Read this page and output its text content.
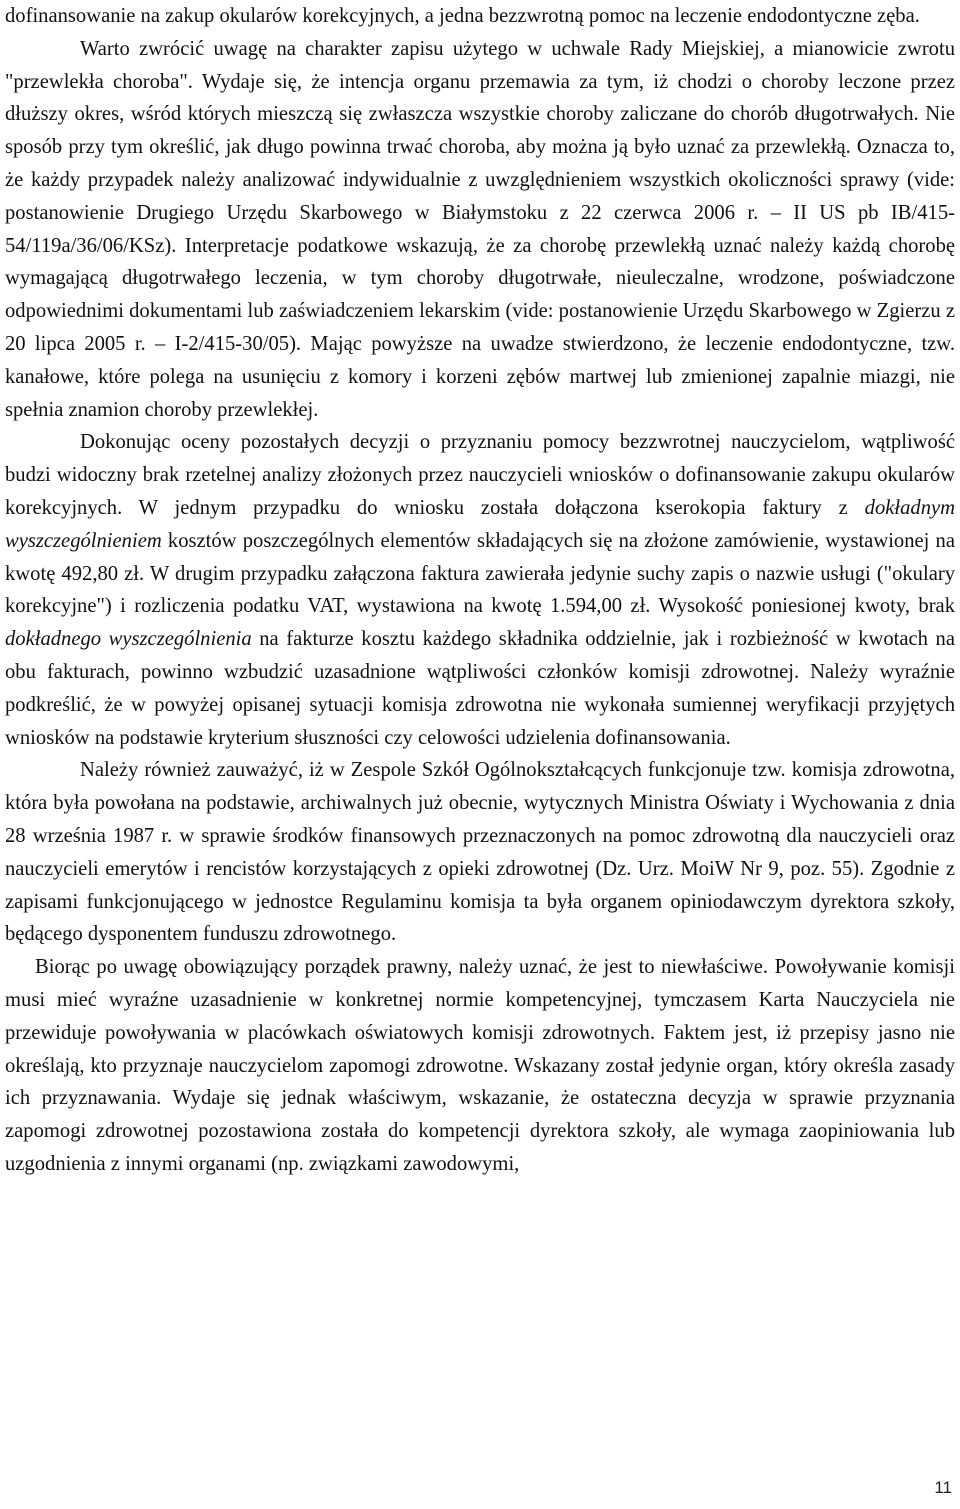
dofinansowanie na zakup okularów korekcyjnych, a jedna bezzwrotną pomoc na leczenie endodontyczne zęba.

Warto zwrócić uwagę na charakter zapisu użytego w uchwale Rady Miejskiej, a mianowicie zwrotu "przewlekła choroba". Wydaje się, że intencja organu przemawia za tym, iż chodzi o choroby leczone przez dłuższy okres, wśród których mieszczą się zwłaszcza wszystkie choroby zaliczane do chorób długotrwałych. Nie sposób przy tym określić, jak długo powinna trwać choroba, aby można ją było uznać za przewlekłą. Oznacza to, że każdy przypadek należy analizować indywidualnie z uwzględnieniem wszystkich okoliczności sprawy (vide: postanowienie Drugiego Urzędu Skarbowego w Białymstoku z 22 czerwca 2006 r. – II US pb IB/415-54/119a/36/06/KSz). Interpretacje podatkowe wskazują, że za chorobę przewlekłą uznać należy każdą chorobę wymagającą długotrwałego leczenia, w tym choroby długotrwałe, nieuleczalne, wrodzone, poświadczone odpowiednimi dokumentami lub zaświadczeniem lekarskim (vide: postanowienie Urzędu Skarbowego w Zgierzu z 20 lipca 2005 r. – I-2/415-30/05). Mając powyższe na uwadze stwierdzono, że leczenie endodontyczne, tzw. kanałowe, które polega na usunięciu z komory i korzeni zębów martwej lub zmienionej zapalnie miazgi, nie spełnia znamion choroby przewlekłej.

Dokonując oceny pozostałych decyzji o przyznaniu pomocy bezzwrotnej nauczycielom, wątpliwość budzi widoczny brak rzetelnej analizy złożonych przez nauczycieli wniosków o dofinansowanie zakupu okularów korekcyjnych. W jednym przypadku do wniosku została dołączona kserokopia faktury z dokładnym wyszczególnieniem kosztów poszczególnych elementów składających się na złożone zamówienie, wystawionej na kwotę 492,80 zł. W drugim przypadku załączona faktura zawierała jedynie suchy zapis o nazwie usługi ("okulary korekcyjne") i rozliczenia podatku VAT, wystawiona na kwotę 1.594,00 zł. Wysokość poniesionej kwoty, brak dokładnego wyszczególnienia na fakturze kosztu każdego składnika oddzielnie, jak i rozbieżność w kwotach na obu fakturach, powinno wzbudzić uzasadnione wątpliwości członków komisji zdrowotnej. Należy wyraźnie podkreślić, że w powyżej opisanej sytuacji komisja zdrowotna nie wykonała sumiennej weryfikacji przyjętych wniosków na podstawie kryterium słuszności czy celowości udzielenia dofinansowania.

Należy również zauważyć, iż w Zespole Szkół Ogólnokształcących funkcjonuje tzw. komisja zdrowotna, która była powołana na podstawie, archiwalnych już obecnie, wytycznych Ministra Oświaty i Wychowania z dnia 28 września 1987 r. w sprawie środków finansowych przeznaczonych na pomoc zdrowotną dla nauczycieli oraz nauczycieli emerytów i rencistów korzystających z opieki zdrowotnej (Dz. Urz. MoiW Nr 9, poz. 55). Zgodnie z zapisami funkcjonującego w jednostce Regulaminu komisja ta była organem opiniodawczym dyrektora szkoły, będącego dysponentem funduszu zdrowotnego.

Biorąc po uwagę obowiązujący porządek prawny, należy uznać, że jest to niewłaściwe. Powoływanie komisji musi mieć wyraźne uzasadnienie w konkretnej normie kompetencyjnej, tymczasem Karta Nauczyciela nie przewiduje powoływania w placówkach oświatowych komisji zdrowotnych. Faktem jest, iż przepisy jasno nie określają, kto przyznaje nauczycielom zapomogi zdrowotne. Wskazany został jedynie organ, który określa zasady ich przyznawania. Wydaje się jednak właściwym, wskazanie, że ostateczna decyzja w sprawie przyznania zapomogi zdrowotnej pozostawiona została do kompetencji dyrektora szkoły, ale wymaga zaopiniowania lub uzgodnienia z innymi organami (np. związkami zawodowymi,

11
